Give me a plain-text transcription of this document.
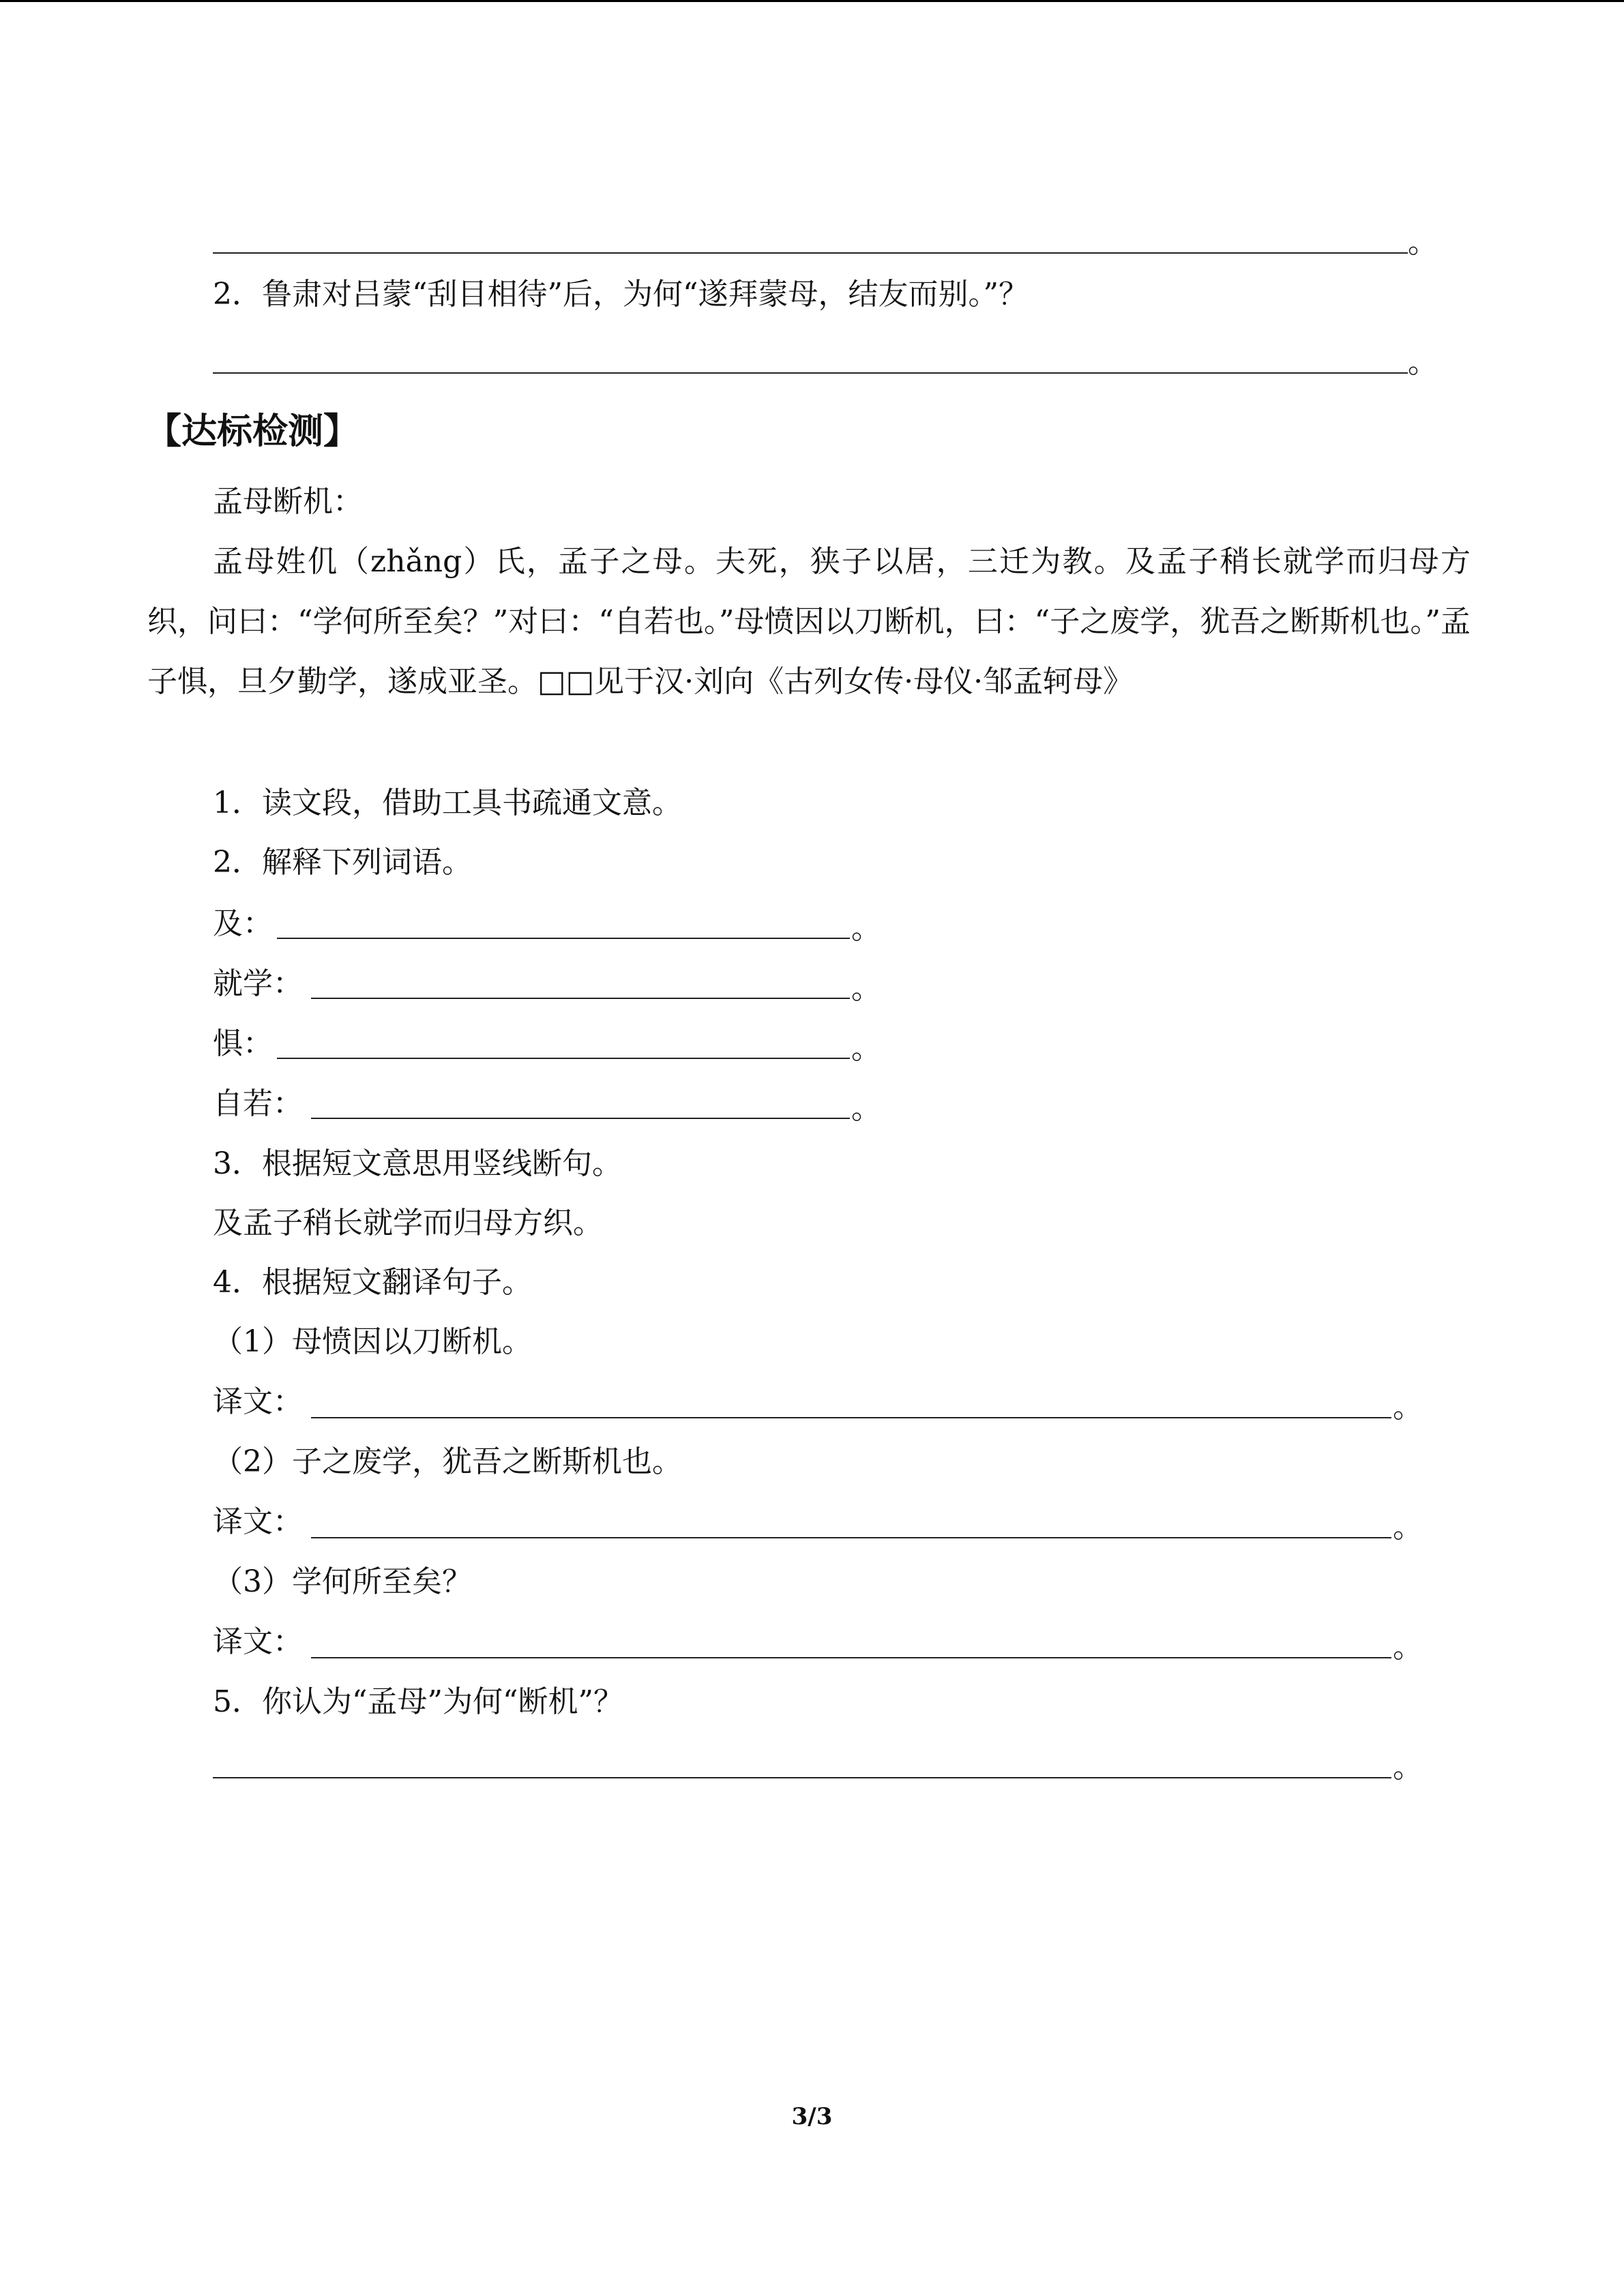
。
2．鲁肃对吕蒙“刮目相待”后，为何“遂拜蒙母，结友而别。”？
。
【达标检测】
孟母断机：
孟母姓仉（zhǎng）氏，孟子之母。夫死，狭子以居，三迁为教。及孟子稍长就学而归母方织，问曰：“学何所至矣？”对曰：“自若也。”母愤因以刀断机，曰：“子之废学，犹吾之断斯机也。”孟子惧，旦夕勤学，遂成亚圣。□□见于汉·刘向《古列女传·母仪·邹孟轲母》
1．读文段，借助工具书疏通文意。
2．解释下列词语。
及：	。
就学：	。
惧：	。
自若：	。
3．根据短文意思用竖线断句。
及孟子稍长就学而归母方织。
4．根据短文翻译句子。
（1）母愤因以刀断机。
译文：	。
（2）子之废学，犹吾之断斯机也。
译文：	。
（3）学何所至矣？
译文：	。
5．你认为“孟母”为何“断机”？
。
3/3
